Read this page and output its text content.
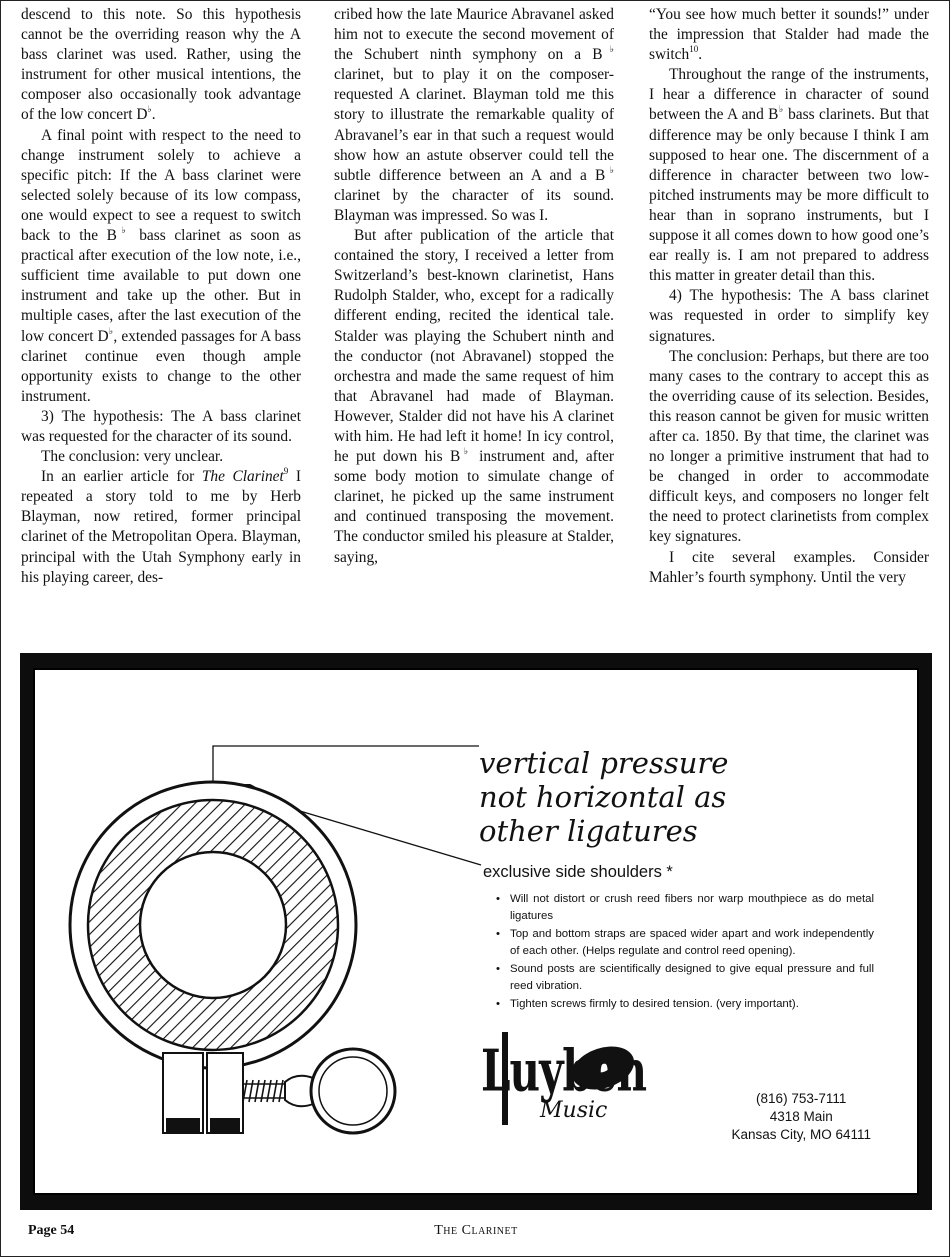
descend to this note. So this hypothesis cannot be the overriding reason why the A bass clarinet was used. Rather, using the instrument for other musical intentions, the composer also occasionally took advantage of the low concert D♭.

A final point with respect to the need to change instrument solely to achieve a specific pitch: If the A bass clarinet were selected solely because of its low compass, one would expect to see a request to switch back to the B♭ bass clarinet as soon as practical after execution of the low note, i.e., sufficient time available to put down one instrument and take up the other. But in multiple cases, after the last execution of the low concert D♭, extended passages for A bass clarinet continue even though ample opportunity exists to change to the other instrument.

3) The hypothesis: The A bass clarinet was requested for the character of its sound.

The conclusion: very unclear.

In an earlier article for The Clarinet$^9$ I repeated a story told to me by Herb Blayman, now retired, former principal clarinet of the Metropolitan Opera. Blayman, principal with the Utah Symphony early in his playing career, des-

cribed how the late Maurice Abravanel asked him not to execute the second movement of the Schubert ninth symphony on a B♭ clarinet, but to play it on the composer-requested A clarinet. Blayman told me this story to illustrate the remarkable quality of Abravanel’s ear in that such a request would show how an astute observer could tell the subtle difference between an A and a B♭ clarinet by the character of its sound. Blayman was impressed. So was I.

But after publication of the article that contained the story, I received a letter from Switzerland’s best-known clarinetist, Hans Rudolph Stalder, who, except for a radically different ending, recited the identical tale. Stalder was playing the Schubert ninth and the conductor (not Abravanel) stopped the orchestra and made the same request of him that Abravanel had made of Blayman. However, Stalder did not have his A clarinet with him. He had left it home! In icy control, he put down his B♭ instrument and, after some body motion to simulate change of clarinet, he picked up the same instrument and continued transposing the movement. The conductor smiled his pleasure at Stalder, saying,

“You see how much better it sounds!” under the impression that Stalder had made the switch$^{10}$.

Throughout the range of the instruments, I hear a difference in character of sound between the A and B♭ bass clarinets. But that difference may be only because I think I am supposed to hear one. The discernment of a difference in character between two low-pitched instruments may be more difficult to hear than in soprano instruments, but I suppose it all comes down to how good one’s ear really is. I am not prepared to address this matter in greater detail than this.

4) The hypothesis: The A bass clarinet was requested in order to simplify key signatures.

The conclusion: Perhaps, but there are too many cases to the contrary to accept this as the overriding cause of its selection. Besides, this reason cannot be given for music written after ca. 1850. By that time, the clarinet was no longer a primitive instrument that had to be changed in order to accommodate difficult keys, and composers no longer felt the need to protect clarinetists from complex key signatures.

I cite several examples. Consider Mahler’s fourth symphony. Until the very

vertical pressure
not horizontal as
other ligatures
exclusive side shoulders *
• Will not distort or crush reed fibers nor warp mouthpiece as do metal ligatures
• Top and bottom straps are spaced wider apart and work independently of each other. (Helps regulate and control reed opening).
• Sound posts are scientifically designed to give equal pressure and full reed vibration.
• Tighten screws firmly to desired tension. (very important).
Luyben
Music	(816) 753-7111
4318 Main
Kansas City, MO 64111
Page 54	The Clarinet
